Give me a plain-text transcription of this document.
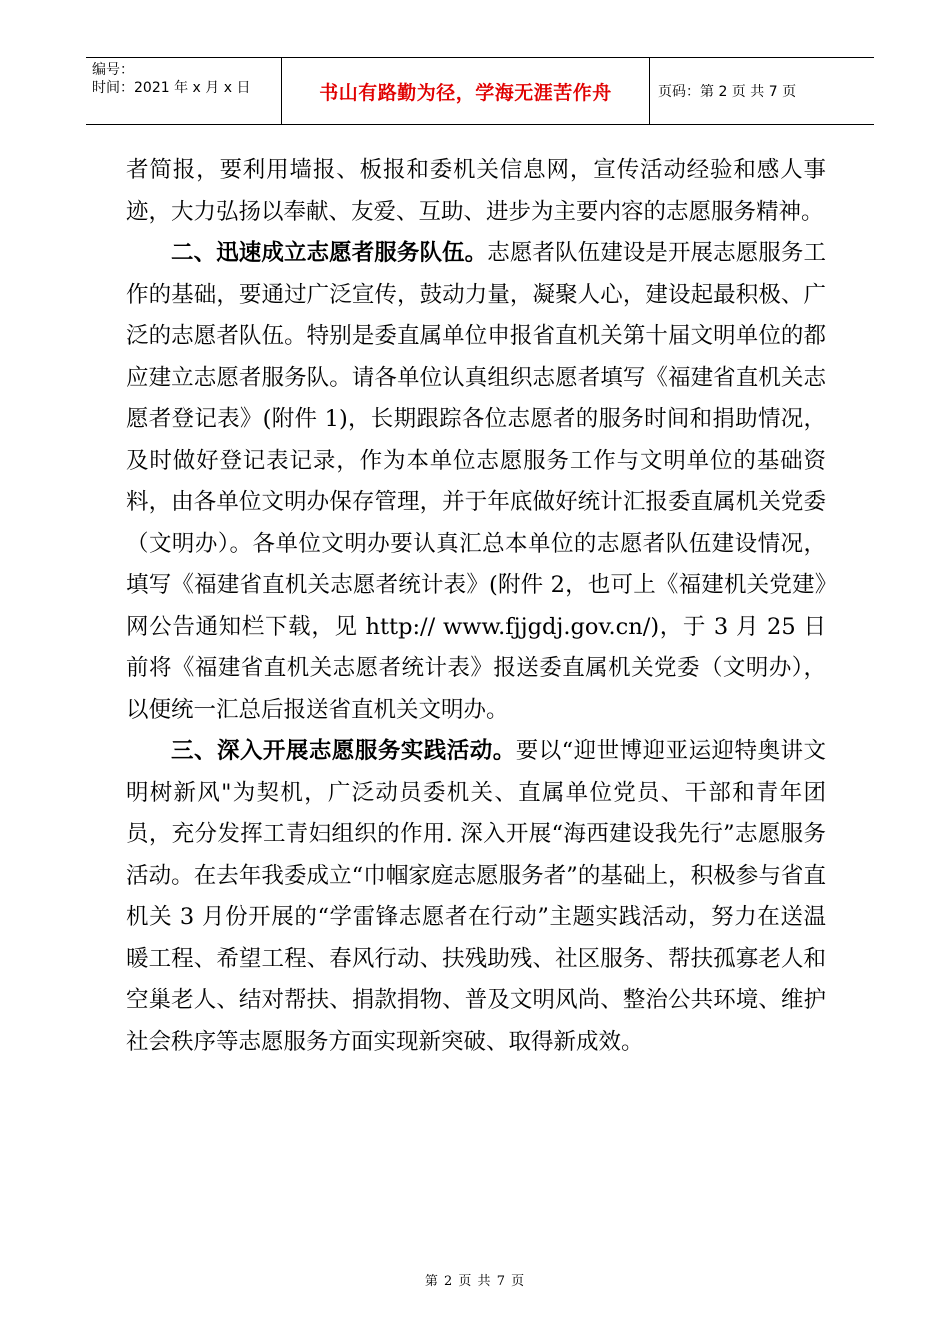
编号：
时间：2021 年 x 月 x 日	书山有路勤为径，学海无涯苦作舟	页码：第 2 页 共 7 页

者简报，要利用墙报、板报和委机关信息网，宣传活动经验和感人事迹，大力弘扬以奉献、友爱、互助、进步为主要内容的志愿服务精神。

二、迅速成立志愿者服务队伍。志愿者队伍建设是开展志愿服务工作的基础，要通过广泛宣传，鼓动力量，凝聚人心，建设起最积极、广泛的志愿者队伍。特别是委直属单位申报省直机关第十届文明单位的都应建立志愿者服务队。请各单位认真组织志愿者填写《福建省直机关志愿者登记表》(附件 1)，长期跟踪各位志愿者的服务时间和捐助情况，及时做好登记表记录，作为本单位志愿服务工作与文明单位的基础资料，由各单位文明办保存管理，并于年底做好统计汇报委直属机关党委（文明办）。各单位文明办要认真汇总本单位的志愿者队伍建设情况，填写《福建省直机关志愿者统计表》(附件 2，也可上《福建机关党建》网公告通知栏下载，见 http:// www.fjjgdj.gov.cn/)，于 3 月 25 日前将《福建省直机关志愿者统计表》报送委直属机关党委（文明办），以便统一汇总后报送省直机关文明办。

三、深入开展志愿服务实践活动。要以“迎世博迎亚运迎特奥讲文明树新风"为契机，广泛动员委机关、直属单位党员、干部和青年团员，充分发挥工青妇组织的作用. 深入开展“海西建设我先行”志愿服务活动。在去年我委成立“巾帼家庭志愿服务者”的基础上，积极参与省直机关 3 月份开展的“学雷锋志愿者在行动”主题实践活动，努力在送温暖工程、希望工程、春风行动、扶残助残、社区服务、帮扶孤寡老人和空巢老人、结对帮扶、捐款捐物、普及文明风尚、整治公共环境、维护社会秩序等志愿服务方面实现新突破、取得新成效。

第 2 页 共 7 页
